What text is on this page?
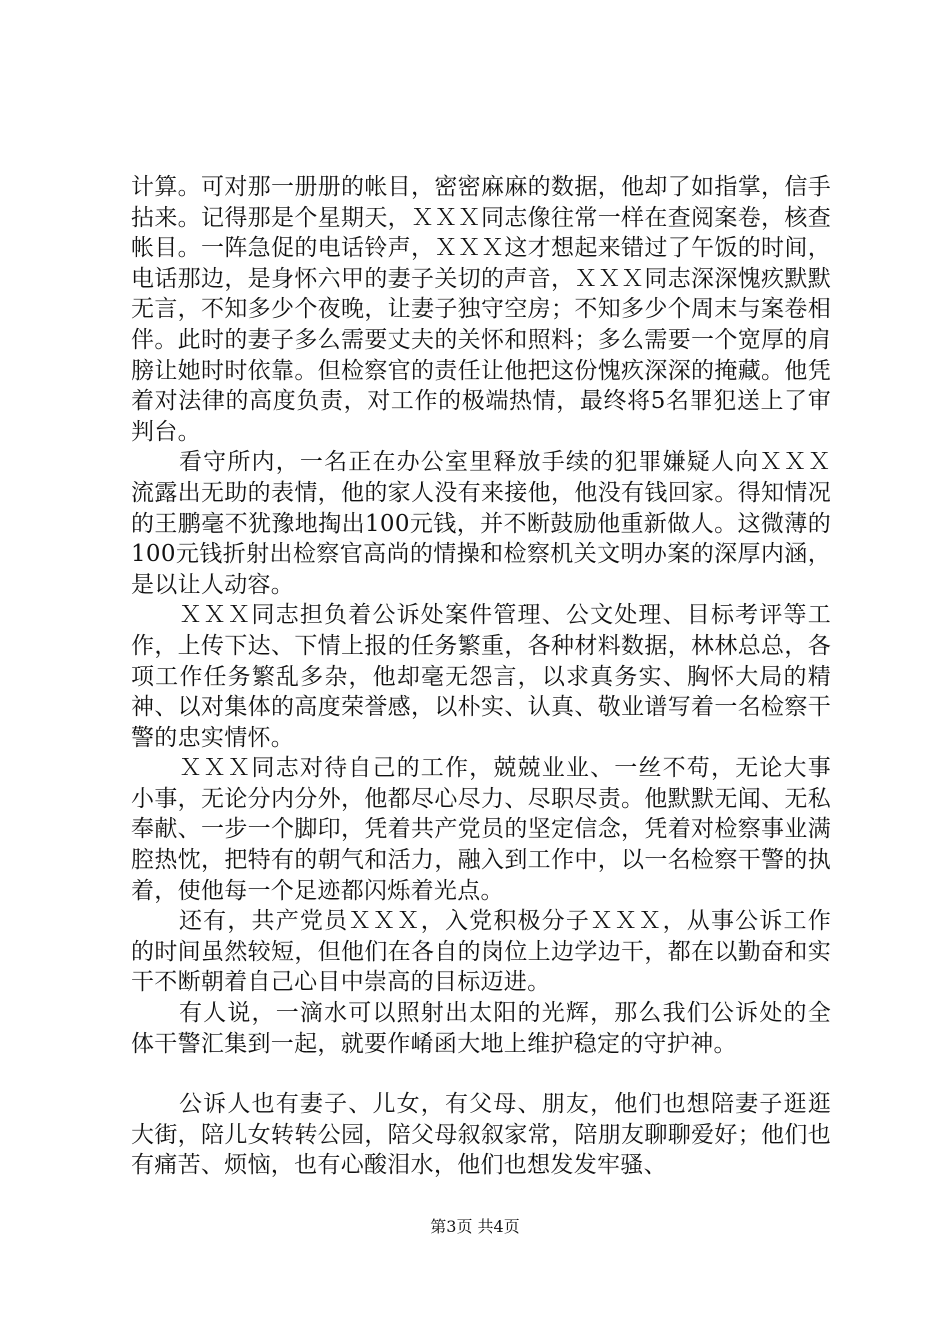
计算。可对那一册册的帐目，密密麻麻的数据，他却了如指掌，信手拈来。记得那是个星期天，ＸＸＸ同志像往常一样在查阅案卷，核查帐目。一阵急促的电话铃声，ＸＸＸ这才想起来错过了午饭的时间，电话那边，是身怀六甲的妻子关切的声音，ＸＸＸ同志深深愧疚默默无言，不知多少个夜晚，让妻子独守空房；不知多少个周末与案卷相伴。此时的妻子多么需要丈夫的关怀和照料；多么需要一个宽厚的肩膀让她时时依靠。但检察官的责任让他把这份愧疚深深的掩藏。他凭着对法律的高度负责，对工作的极端热情，最终将5名罪犯送上了审判台。

看守所内，一名正在办公室里释放手续的犯罪嫌疑人向ＸＸＸ流露出无助的表情，他的家人没有来接他，他没有钱回家。得知情况的王鹏毫不犹豫地掏出100元钱，并不断鼓励他重新做人。这微薄的100元钱折射出检察官高尚的情操和检察机关文明办案的深厚内涵，是以让人动容。

ＸＸＸ同志担负着公诉处案件管理、公文处理、目标考评等工作，上传下达、下情上报的任务繁重，各种材料数据，林林总总，各项工作任务繁乱多杂，他却毫无怨言，以求真务实、胸怀大局的精神、以对集体的高度荣誉感，以朴实、认真、敬业谱写着一名检察干警的忠实情怀。

ＸＸＸ同志对待自己的工作，兢兢业业、一丝不苟，无论大事小事，无论分内分外，他都尽心尽力、尽职尽责。他默默无闻、无私奉献、一步一个脚印，凭着共产党员的坚定信念，凭着对检察事业满腔热忱，把特有的朝气和活力，融入到工作中，以一名检察干警的执着，使他每一个足迹都闪烁着光点。

还有，共产党员ＸＸＸ，入党积极分子ＸＸＸ，从事公诉工作的时间虽然较短，但他们在各自的岗位上边学边干，都在以勤奋和实干不断朝着自己心目中崇高的目标迈进。

有人说，一滴水可以照射出太阳的光辉，那么我们公诉处的全体干警汇集到一起，就要作崤函大地上维护稳定的守护神。

公诉人也有妻子、儿女，有父母、朋友，他们也想陪妻子逛逛大街，陪儿女转转公园，陪父母叙叙家常，陪朋友聊聊爱好；他们也有痛苦、烦恼，也有心酸泪水，他们也想发发牢骚、

第3页 共4页
